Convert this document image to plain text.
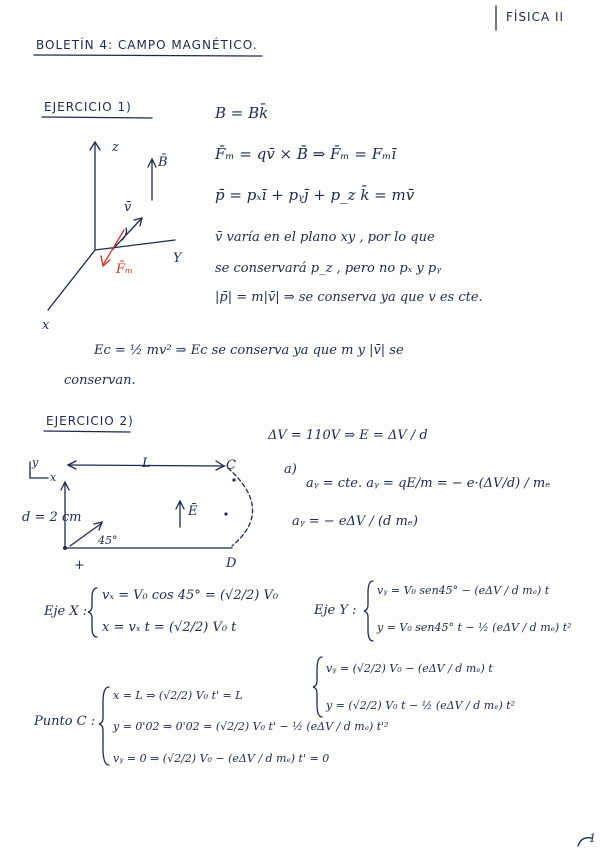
FÍSICA II
BOLETÍN 4: CAMPO MAGNÉTICO.
EJERCICIO 1)
z
Y
x
B̄
v̄
F̄ₘ
B = Bk̄
F̄ₘ = qv̄ × B̄ ⇒ F̄ₘ = Fₘī
p̄ = pₓī + pᵧj̄ + p_z k̄ = mv̄
v̄ varía en el plano xy , por lo que
se conservará p_z , pero no pₓ y pᵧ
|p̄| = m|v̄| ⇒ se conserva ya que v es cte.
Ec = ½ mv² ⇒ Ec se conserva ya que m y |v̄| se
conservan.
EJERCICIO 2)
ΔV = 110V ⇒ E = ΔV / d
y
x
L	C
D
d = 2 cm	Ē
45°
+
a)
aᵧ = cte. aᵧ = qE/m = − e·(ΔV/d) / mₑ
aᵧ = − eΔV / (d mₑ)
Eje X :
vₓ = V₀ cos 45° = (√2/2) V₀
x = vₓ t = (√2/2) V₀ t
Eje Y :
vᵧ = V₀ sen45° − (eΔV / d mₑ) t
y = V₀ sen45° t − ½ (eΔV / d mₑ) t²
vᵧ = (√2/2) V₀ − (eΔV / d mₑ) t
y = (√2/2) V₀ t − ½ (eΔV / d mₑ) t²
Punto C :
x = L ⇒ (√2/2) V₀ t' = L
y = 0'02 ⇒ 0'02 = (√2/2) V₀ t' − ½ (eΔV / d mₑ) t'²
vᵧ = 0 ⇒ (√2/2) V₀ − (eΔV / d mₑ) t' = 0
1
